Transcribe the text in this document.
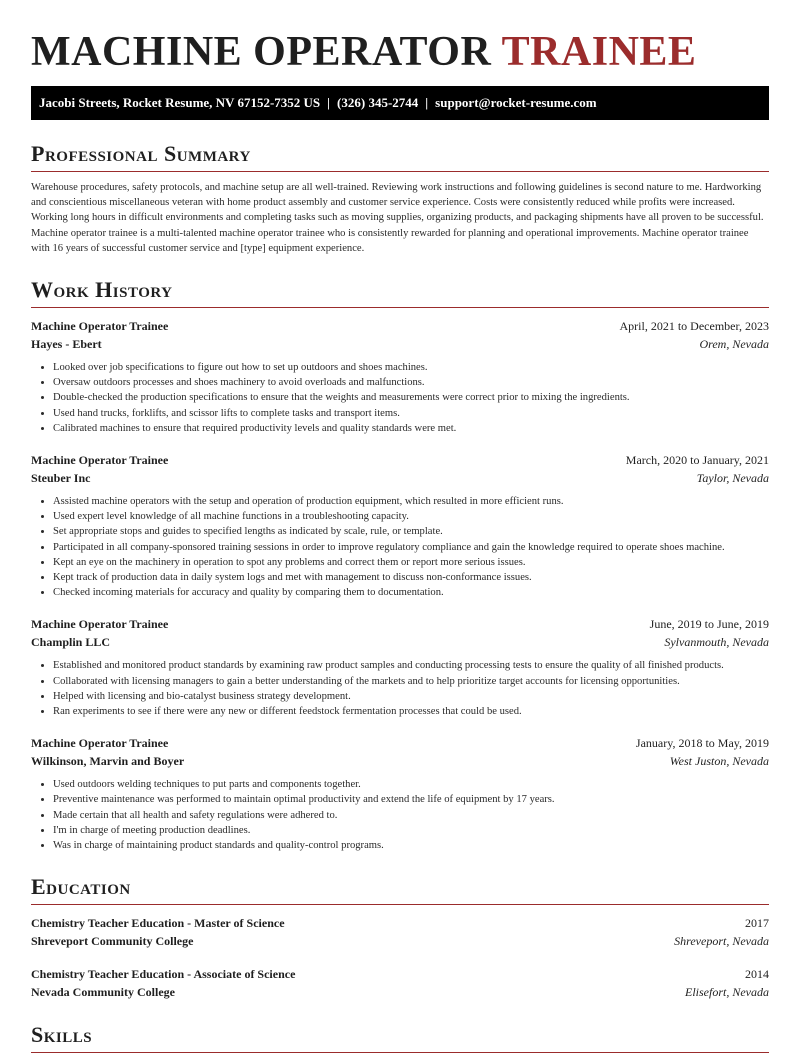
MACHINE OPERATOR TRAINEE
Jacobi Streets, Rocket Resume, NV 67152-7352 US | (326) 345-2744 | support@rocket-resume.com
Professional Summary
Warehouse procedures, safety protocols, and machine setup are all well-trained. Reviewing work instructions and following guidelines is second nature to me. Hardworking and conscientious miscellaneous veteran with home product assembly and customer service experience. Costs were consistently reduced while profits were increased. Working long hours in difficult environments and completing tasks such as moving supplies, organizing products, and packaging shipments have all proven to be successful. Machine operator trainee is a multi-talented machine operator trainee who is consistently rewarded for planning and operational improvements. Machine operator trainee with 16 years of successful customer service and [type] equipment experience.
Work History
Machine Operator Trainee	April, 2021 to December, 2023
Hayes - Ebert	Orem, Nevada
• Looked over job specifications to figure out how to set up outdoors and shoes machines.
• Oversaw outdoors processes and shoes machinery to avoid overloads and malfunctions.
• Double-checked the production specifications to ensure that the weights and measurements were correct prior to mixing the ingredients.
• Used hand trucks, forklifts, and scissor lifts to complete tasks and transport items.
• Calibrated machines to ensure that required productivity levels and quality standards were met.
Machine Operator Trainee	March, 2020 to January, 2021
Steuber Inc	Taylor, Nevada
• Assisted machine operators with the setup and operation of production equipment, which resulted in more efficient runs.
• Used expert level knowledge of all machine functions in a troubleshooting capacity.
• Set appropriate stops and guides to specified lengths as indicated by scale, rule, or template.
• Participated in all company-sponsored training sessions in order to improve regulatory compliance and gain the knowledge required to operate shoes machine.
• Kept an eye on the machinery in operation to spot any problems and correct them or report more serious issues.
• Kept track of production data in daily system logs and met with management to discuss non-conformance issues.
• Checked incoming materials for accuracy and quality by comparing them to documentation.
Machine Operator Trainee	June, 2019 to June, 2019
Champlin LLC	Sylvanmouth, Nevada
• Established and monitored product standards by examining raw product samples and conducting processing tests to ensure the quality of all finished products.
• Collaborated with licensing managers to gain a better understanding of the markets and to help prioritize target accounts for licensing opportunities.
• Helped with licensing and bio-catalyst business strategy development.
• Ran experiments to see if there were any new or different feedstock fermentation processes that could be used.
Machine Operator Trainee	January, 2018 to May, 2019
Wilkinson, Marvin and Boyer	West Juston, Nevada
• Used outdoors welding techniques to put parts and components together.
• Preventive maintenance was performed to maintain optimal productivity and extend the life of equipment by 17 years.
• Made certain that all health and safety regulations were adhered to.
• I'm in charge of meeting production deadlines.
• Was in charge of maintaining product standards and quality-control programs.
Education
Chemistry Teacher Education - Master of Science	2017
Shreveport Community College	Shreveport, Nevada
Chemistry Teacher Education - Associate of Science	2014
Nevada Community College	Elisefort, Nevada
Skills
